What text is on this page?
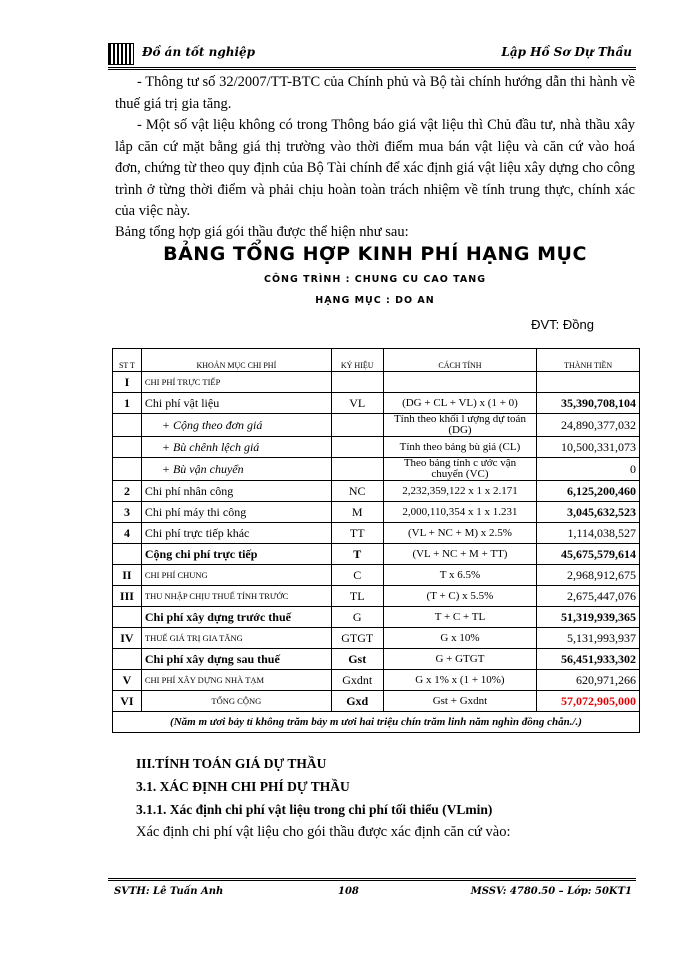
Đồ án tốt nghiệp	Lập Hồ Sơ Dự Thầu
- Thông tư số 32/2007/TT-BTC của Chính phủ và Bộ tài chính hướng dẫn thi hành về thuế giá trị gia tăng.
- Một số vật liệu không có trong Thông báo giá vật liệu thì Chủ đầu tư, nhà thầu xây lắp căn cứ mặt bằng giá thị trường vào thời điểm mua bán vật liệu và căn cứ vào hoá đơn, chứng từ theo quy định của Bộ Tài chính để xác định giá vật liệu xây dựng cho công trình ở từng thời điểm và phải chịu hoàn toàn trách nhiệm về tính trung thực, chính xác của việc này.
Bảng tổng hợp giá gói thầu được thể hiện như sau:
BẢNG TỔNG HỢP KINH PHÍ HẠNG MỤC
CÔNG TRÌNH : CHUNG CU CAO TANG
HẠNG MỤC : DO AN
ĐVT: Đồng
ST T	KHOẢN MỤC CHI PHÍ	KÝ HIỆU	CÁCH TÍNH	THÀNH TIỀN
I	CHI PHÍ TRỰC TIẾP			
1	Chi phí vật liệu	VL	(DG + CL + VL) x (1 + 0)	35,390,708,104
	+ Cộng theo đơn giá		Tính theo khối l ượng dự toán (DG)	24,890,377,032
	+ Bù chênh lệch giá		Tính theo bảng bù giá (CL)	10,500,331,073
	+ Bù vận chuyển		Theo bảng tính c ước vận chuyển (VC)	0
2	Chi phí nhân công	NC	2,232,359,122 x 1 x 2.171	6,125,200,460
3	Chi phí máy thi công	M	2,000,110,354 x 1 x 1.231	3,045,632,523
4	Chi phí trực tiếp khác	TT	(VL + NC + M) x 2.5%	1,114,038,527
	Cộng chi phí trực tiếp	T	(VL + NC + M + TT)	45,675,579,614
II	CHI PHÍ CHUNG	C	T x 6.5%	2,968,912,675
III	THU NHẬP CHỊU THUẾ TÍNH TRƯỚC	TL	(T + C) x 5.5%	2,675,447,076
	Chi phí xây dựng trước thuế	G	T + C + TL	51,319,939,365
IV	THUẾ GIÁ TRỊ GIA TĂNG	GTGT	G x 10%	5,131,993,937
	Chi phí xây dựng sau thuế	Gst	G + GTGT	56,451,933,302
V	CHI PHÍ XÂY DỰNG NHÀ TẠM	Gxdnt	G x 1% x (1 + 10%)	620,971,266
VI	TỔNG CỘNG	Gxd	Gst + Gxdnt	57,072,905,000
(Năm m ươi bảy tỉ không trăm bảy m ươi hai triệu chín trăm linh năm nghìn đồng chẵn./.)				
III.TÍNH TOÁN GIÁ DỰ THẦU
3.1. XÁC ĐỊNH CHI PHÍ DỰ THẦU
3.1.1. Xác định chi phí vật liệu trong chi phí tối thiểu (VLmin)
Xác định chi phí vật liệu cho gói thầu được xác định căn cứ vào:
SVTH: Lê Tuấn Anh	108	MSSV: 4780.50 – Lớp: 50KT1
